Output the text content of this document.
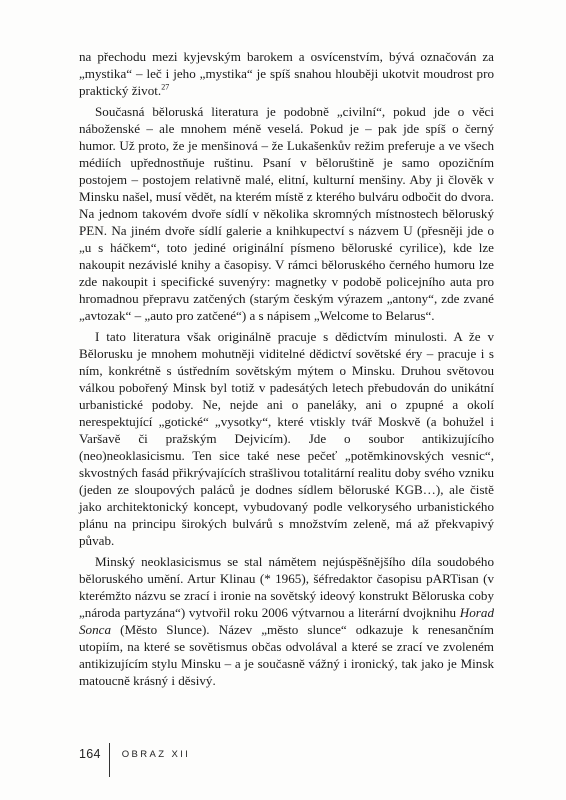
na přechodu mezi kyjevským barokem a osvícenstvím, bývá označován za „mystika“ – leč i jeho „mystika“ je spíš snahou hlouběji ukotvit moudrost pro praktický život.$^{27}$

Současná běloruská literatura je podobně „civilní“, pokud jde o věci náboženské – ale mnohem méně veselá. Pokud je – pak jde spíš o černý humor. Už proto, že je menšinová – že Lukašenkův režim preferuje a ve všech médiích upřednostňuje ruštinu. Psaní v běloruštině je samo opozičním postojem – postojem relativně malé, elitní, kulturní menšiny. Aby ji člověk v Minsku našel, musí vědět, na kterém místě z kterého bulváru odbočit do dvora. Na jednom takovém dvoře sídlí v několika skromných místnostech běloruský PEN. Na jiném dvoře sídlí galerie a knihkupectví s názvem U (přesněji jde o „u s háčkem“, toto jediné originální písmeno běloruské cyrilice), kde lze nakoupit nezávislé knihy a časopisy. V rámci běloruského černého humoru lze zde nakoupit i specifické suvenýry: magnetky v podobě policejního auta pro hromadnou přepravu zatčených (starým českým výrazem „antony“, zde zvané „avtozak“ – „auto pro zatčené“) a s nápisem „Welcome to Belarus“.

I tato literatura však originálně pracuje s dědictvím minulosti. A že v Bělorusku je mnohem mohutněji viditelné dědictví sovětské éry – pracuje i s ním, konkrétně s ústředním sovětským mýtem o Minsku. Druhou světovou válkou pobořený Minsk byl totiž v padesátých letech přebudován do unikátní urbanistické podoby. Ne, nejde ani o paneláky, ani o zpupné a okolí nerespektující „gotické“ „vysotky“, které vtiskly tvář Moskvě (a bohužel i Varšavě či pražským Dejvicím). Jde o soubor antikizujícího (neo)neoklasicismu. Ten sice také nese pečeť „potěmkinovských vesnic“, skvostných fasád přikrývajících strašlivou totalitární realitu doby svého vzniku (jeden ze sloupových paláců je dodnes sídlem běloruské KGB…), ale čistě jako architektonický koncept, vybudovaný podle velkorysého urbanistického plánu na principu širokých bulvárů s množstvím zeleně, má až překvapivý půvab.

Minský neoklasicismus se stal námětem nejúspěšnějšího díla soudobého běloruského umění. Artur Klinau (* 1965), šéfredaktor časopisu pARTisan (v kterémžto názvu se zrací i ironie na sovětský ideový konstrukt Běloruska coby „národa partyzána“) vytvořil roku 2006 výtvarnou a literární dvojknihu Horad Sonca (Město Slunce). Název „město slunce“ odkazuje k renesančním utopiím, na které se sovětismus občas odvolával a které se zrací ve zvoleném antikizujícím stylu Minsku – a je současně vážný i ironický, tak jako je Minsk matoucně krásný i děsivý.

164 OBRAZ XII
